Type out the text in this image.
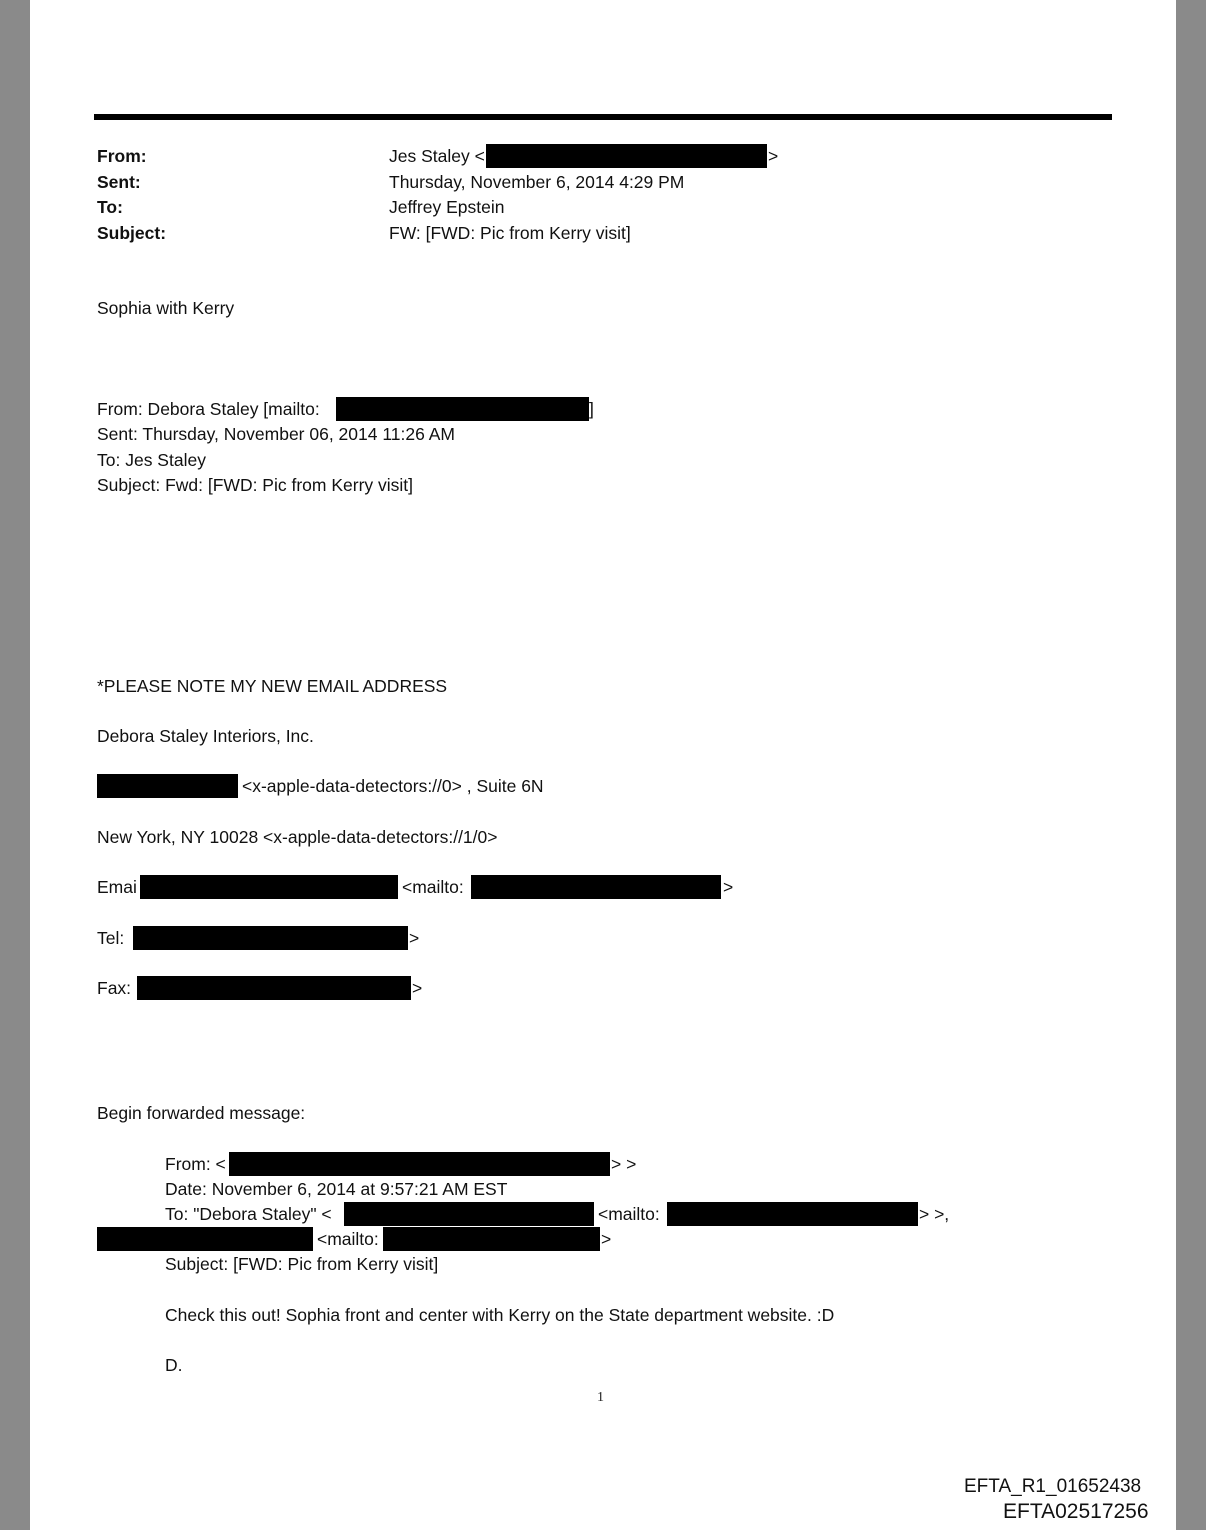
From:	Jes Staley <	>
Sent:	Thursday, November 6, 2014 4:29 PM
To:	Jeffrey Epstein
Subject:	FW: [FWD: Pic from Kerry visit]
Sophia with Kerry
From: Debora Staley [mailto:	]
Sent: Thursday, November 06, 2014 11:26 AM
To: Jes Staley
Subject: Fwd: [FWD: Pic from Kerry visit]
*PLEASE NOTE MY NEW EMAIL ADDRESS
Debora Staley Interiors, Inc.
<x-apple-data-detectors://0> , Suite 6N
New York, NY 10028 <x-apple-data-detectors://1/0>
Emai	<mailto:	>
Tel:	>
Fax:	>
Begin forwarded message:
From: <	> >
Date: November 6, 2014 at 9:57:21 AM EST
To: "Debora Staley" <	<mailto:	> >,
<mailto:	>
Subject: [FWD: Pic from Kerry visit]
Check this out! Sophia front and center with Kerry on the State department website. :D
D.
1
EFTA_R1_01652438
EFTA02517256
